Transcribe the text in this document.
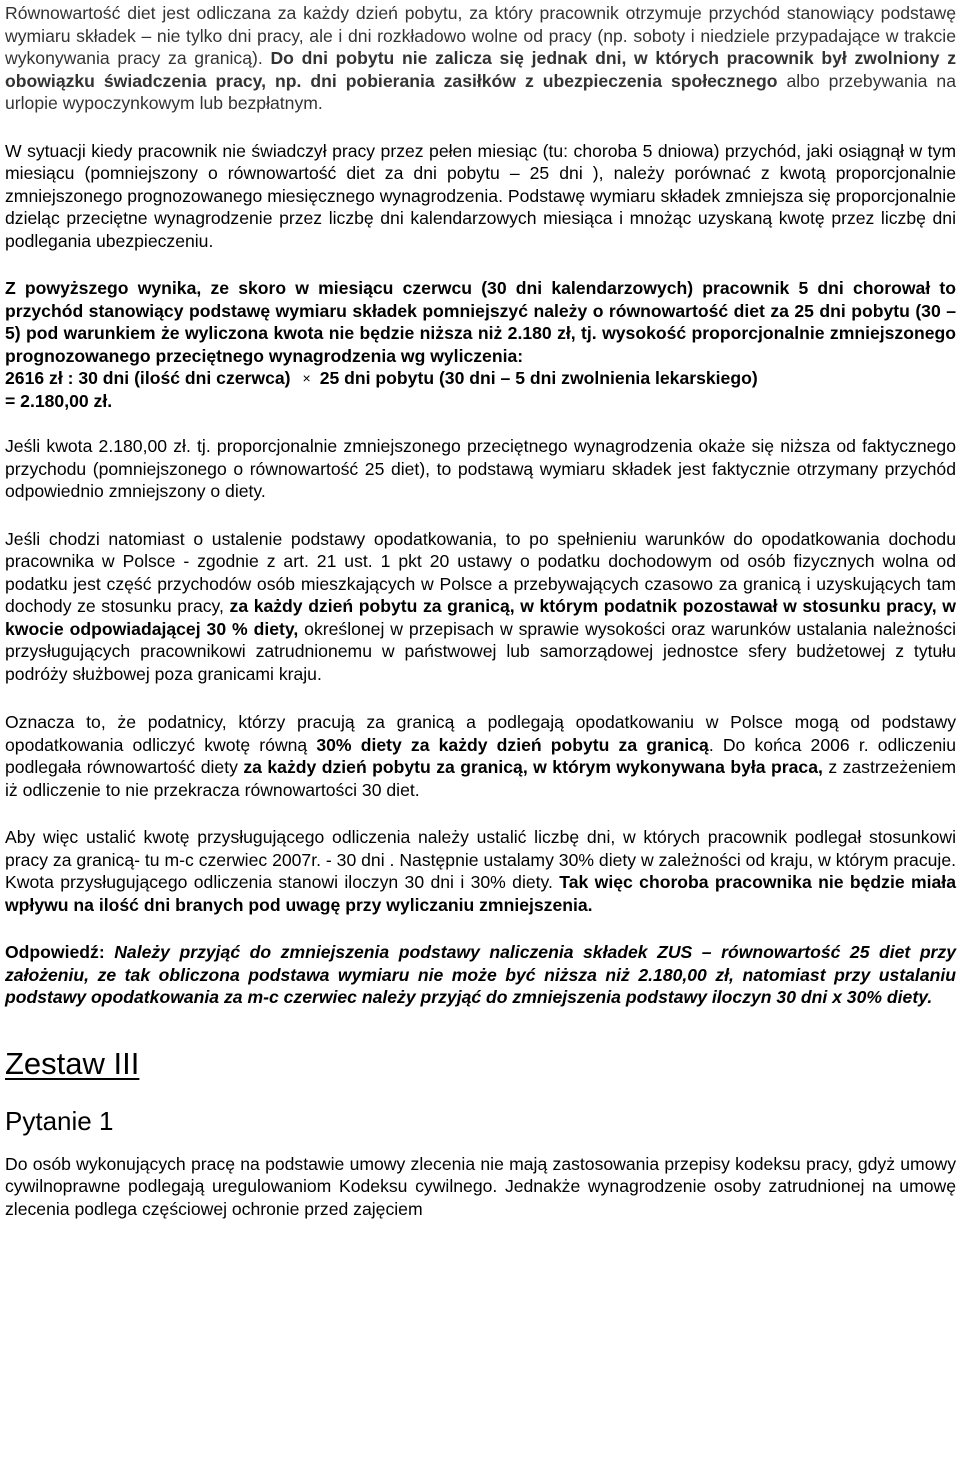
Równowartość diet jest odliczana za każdy dzień pobytu, za który pracownik otrzymuje przychód stanowiący podstawę wymiaru składek – nie tylko dni pracy, ale i dni rozkładowo wolne od pracy (np. soboty i niedziele przypadające w trakcie wykonywania pracy za granicą). Do dni pobytu nie zalicza się jednak dni, w których pracownik był zwolniony z obowiązku świadczenia pracy, np. dni pobierania zasiłków z ubezpieczenia społecznego albo przebywania na urlopie wypoczynkowym lub bezpłatnym.

W sytuacji kiedy pracownik nie świadczył pracy przez pełen miesiąc (tu: choroba 5 dniowa) przychód, jaki osiągnął w tym miesiącu (pomniejszony o równowartość diet za dni pobytu – 25 dni ), należy porównać z kwotą proporcjonalnie zmniejszonego prognozowanego miesięcznego wynagrodzenia. Podstawę wymiaru składek zmniejsza się proporcjonalnie dzieląc przeciętne wynagrodzenie przez liczbę dni kalendarzowych miesiąca i mnożąc uzyskaną kwotę przez liczbę dni podlegania ubezpieczeniu.

Z powyższego wynika, ze skoro w miesiącu czerwcu (30 dni kalendarzowych) pracownik 5 dni chorował to przychód stanowiący podstawę wymiaru składek pomniejszyć należy o równowartość diet za 25 dni pobytu (30 – 5) pod warunkiem że wyliczona kwota nie będzie niższa niż 2.180 zł, tj. wysokość proporcjonalnie zmniejszonego prognozowanego przeciętnego wynagrodzenia wg wyliczenia:
2616 zł : 30 dni (ilość dni czerwca) × 25 dni pobytu (30 dni – 5 dni zwolnienia lekarskiego)
= 2.180,00 zł.

Jeśli kwota 2.180,00 zł. tj. proporcjonalnie zmniejszonego przeciętnego wynagrodzenia okaże się niższa od faktycznego przychodu (pomniejszonego o równowartość 25 diet), to podstawą wymiaru składek jest faktycznie otrzymany przychód odpowiednio zmniejszony o diety.

Jeśli chodzi natomiast o ustalenie podstawy opodatkowania, to po spełnieniu warunków do opodatkowania dochodu pracownika w Polsce - zgodnie z art. 21 ust. 1 pkt 20 ustawy o podatku dochodowym od osób fizycznych wolna od podatku jest część przychodów osób mieszkających w Polsce a przebywających czasowo za granicą i uzyskujących tam dochody ze stosunku pracy, za każdy dzień pobytu za granicą, w którym podatnik pozostawał w stosunku pracy, w kwocie odpowiadającej 30 % diety, określonej w przepisach w sprawie wysokości oraz warunków ustalania należności przysługujących pracownikowi zatrudnionemu w państwowej lub samorządowej jednostce sfery budżetowej z tytułu podróży służbowej poza granicami kraju.

Oznacza to, że podatnicy, którzy pracują za granicą a podlegają opodatkowaniu w Polsce mogą od podstawy opodatkowania odliczyć kwotę równą 30% diety za każdy dzień pobytu za granicą. Do końca 2006 r. odliczeniu podlegała równowartość diety za każdy dzień pobytu za granicą, w którym wykonywana była praca, z zastrzeżeniem iż odliczenie to nie przekracza równowartości 30 diet.

Aby więc ustalić kwotę przysługującego odliczenia należy ustalić liczbę dni, w których pracownik podlegał stosunkowi pracy za granicą- tu m-c czerwiec 2007r. - 30 dni . Następnie ustalamy 30% diety w zależności od kraju, w którym pracuje. Kwota przysługującego odliczenia stanowi iloczyn 30 dni i 30% diety. Tak więc choroba pracownika nie będzie miała wpływu na ilość dni branych pod uwagę przy wyliczaniu zmniejszenia.

Odpowiedź: Należy przyjąć do zmniejszenia podstawy naliczenia składek ZUS – równowartość 25 diet przy założeniu, ze tak obliczona podstawa wymiaru nie może być niższa niż 2.180,00 zł, natomiast przy ustalaniu podstawy opodatkowania za m-c czerwiec należy przyjąć do zmniejszenia podstawy iloczyn 30 dni x 30% diety.

Zestaw III
Pytanie 1

Do osób wykonujących pracę na podstawie umowy zlecenia nie mają zastosowania przepisy kodeksu pracy, gdyż umowy cywilnoprawne podlegają uregulowaniom Kodeksu cywilnego. Jednakże wynagrodzenie osoby zatrudnionej na umowę zlecenia podlega częściowej ochronie przed zajęciem
